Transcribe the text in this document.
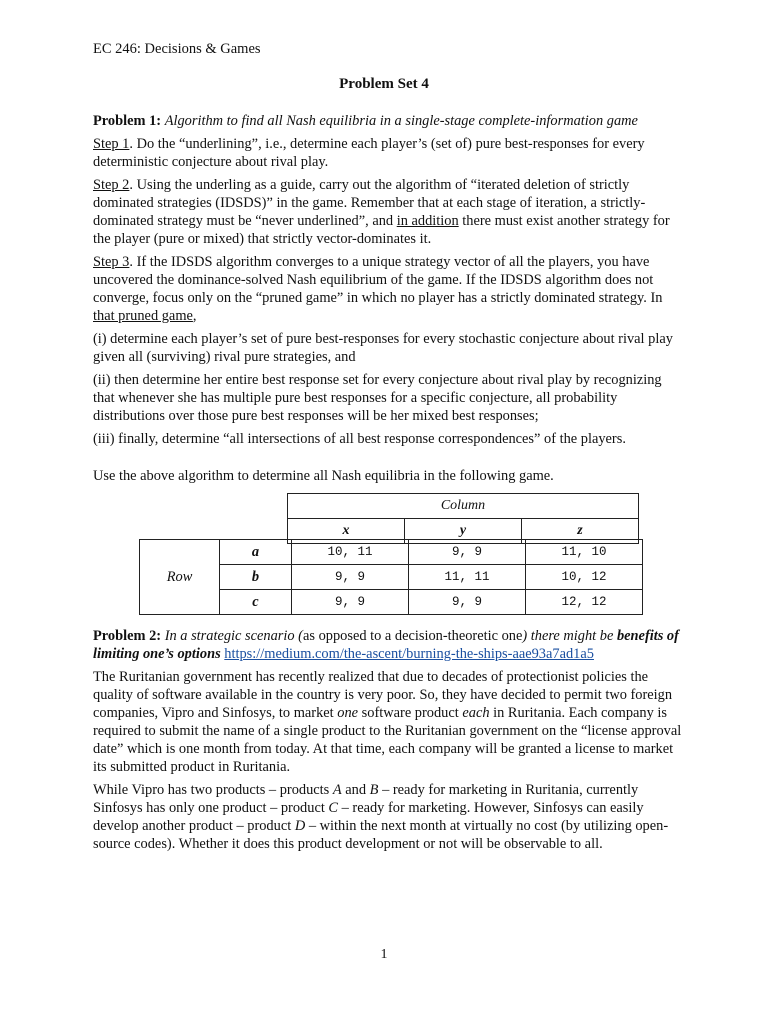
EC 246: Decisions & Games
Problem Set 4

Problem 1: Algorithm to find all Nash equilibria in a single-stage complete-information game

Step 1. Do the “underlining”, i.e., determine each player’s (set of) pure best-responses for every deterministic conjecture about rival play.

Step 2. Using the underling as a guide, carry out the algorithm of “iterated deletion of strictly dominated strategies (IDSDS)” in the game. Remember that at each stage of iteration, a strictly-dominated strategy must be “never underlined”, and in addition there must exist another strategy for the player (pure or mixed) that strictly vector-dominates it.

Step 3. If the IDSDS algorithm converges to a unique strategy vector of all the players, you have uncovered the dominance-solved Nash equilibrium of the game. If the IDSDS algorithm does not converge, focus only on the “pruned game” in which no player has a strictly dominated strategy. In that pruned game,

(i) determine each player’s set of pure best-responses for every stochastic conjecture about rival play given all (surviving) rival pure strategies, and

(ii) then determine her entire best response set for every conjecture about rival play by recognizing that whenever she has multiple pure best responses for a specific conjecture, all probability distributions over those pure best responses will be her mixed best responses;

(iii) finally, determine “all intersections of all best response correspondences” of the players.

Use the above algorithm to determine all Nash equilibria in the following game.

Column
x	y	z
Row	a	10, 11	9, 9	11, 10
	b	9, 9	11, 11	10, 12
	c	9, 9	9, 9	12, 12

Problem 2: In a strategic scenario (as opposed to a decision-theoretic one) there might be benefits of limiting one’s options https://medium.com/the-ascent/burning-the-ships-aae93a7ad1a5

The Ruritanian government has recently realized that due to decades of protectionist policies the quality of software available in the country is very poor. So, they have decided to permit two foreign companies, Vipro and Sinfosys, to market one software product each in Ruritania. Each company is required to submit the name of a single product to the Ruritanian government on the “license approval date” which is one month from today. At that time, each company will be granted a license to market its submitted product in Ruritania.

While Vipro has two products – products A and B – ready for marketing in Ruritania, currently Sinfosys has only one product – product C – ready for marketing. However, Sinfosys can easily develop another product – product D – within the next month at virtually no cost (by utilizing open-source codes). Whether it does this product development or not will be observable to all.

1
